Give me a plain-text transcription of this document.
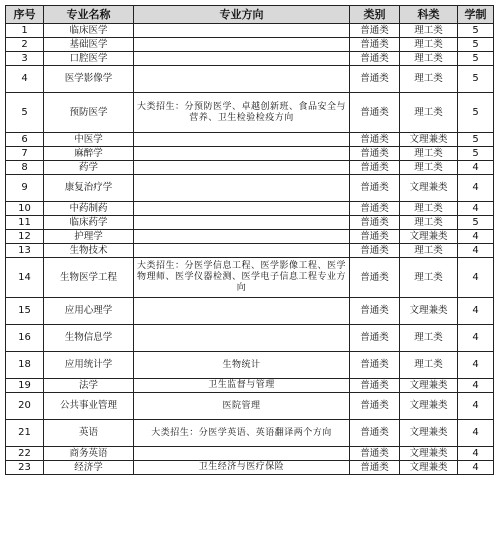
序号	专业名称	专业方向	类别	科类	学制
1	临床医学		普通类	理工类	5
2	基础医学		普通类	理工类	5
3	口腔医学		普通类	理工类	5
4	医学影像学		普通类	理工类	5
5	预防医学	大类招生：分预防医学、卓越创新班、食品安全与营养、卫生检验检疫方向	普通类	理工类	5
6	中医学		普通类	文理兼类	5
7	麻醉学		普通类	理工类	5
8	药学		普通类	理工类	4
9	康复治疗学		普通类	文理兼类	4
10	中药制药		普通类	理工类	4
11	临床药学		普通类	理工类	5
12	护理学		普通类	文理兼类	4
13	生物技术		普通类	理工类	4
14	生物医学工程	大类招生：分医学信息工程、医学影像工程、医学物理师、医学仪器检测、医学电子信息工程专业方向	普通类	理工类	4
15	应用心理学		普通类	文理兼类	4
16	生物信息学		普通类	理工类	4
18	应用统计学	生物统计	普通类	理工类	4
19	法学	卫生监督与管理	普通类	文理兼类	4
20	公共事业管理	医院管理	普通类	文理兼类	4
21	英语	大类招生：分医学英语、英语翻译两个方向	普通类	文理兼类	4
22	商务英语		普通类	文理兼类	4
23	经济学	卫生经济与医疗保险	普通类	文理兼类	4
